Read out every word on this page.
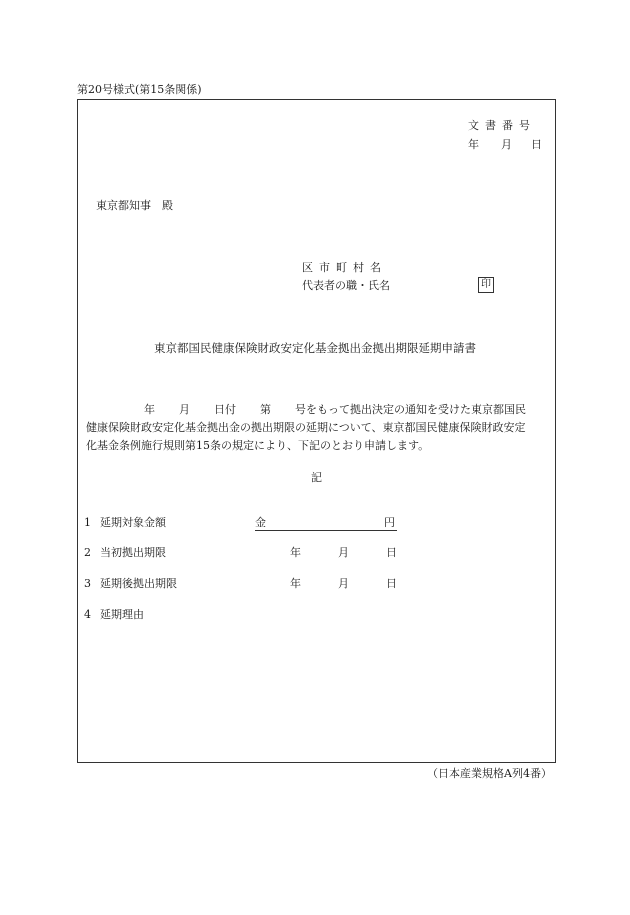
第20号様式(第15条関係)
文書番号
年 月 日
東京都知事　殿
区市町村名
代表者の職・氏名	印
東京都国民健康保険財政安定化基金拠出金拠出期限延期申請書
年 月 日付 第 号をもって拠出決定の通知を受けた東京都国民
健康保険財政安定化基金拠出金の拠出期限の延期について、東京都国民健康保険財政安定
化基金条例施行規則第15条の規定により、下記のとおり申請します。
記
1 延期対象金額	金	円
2 当初拠出期限	年	月	日
3 延期後拠出期限	年	月	日
4 延期理由
（日本産業規格A列4番）
